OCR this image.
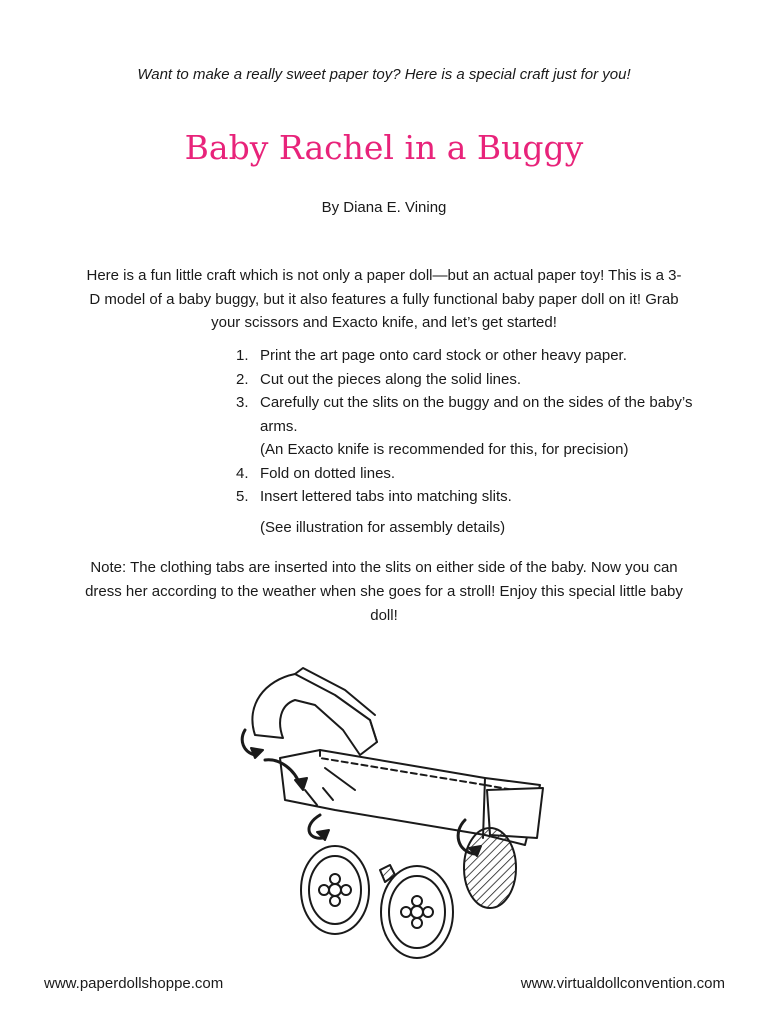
Want to make a really sweet paper toy? Here is a special craft just for you!
Baby Rachel in a Buggy
By Diana E. Vining
Here is a fun little craft which is not only a paper doll—but an actual paper toy! This is a 3-D model of a baby buggy, but it also features a fully functional baby paper doll on it! Grab your scissors and Exacto knife, and let’s get started!
1. Print the art page onto card stock or other heavy paper.
2. Cut out the pieces along the solid lines.
3. Carefully cut the slits on the buggy and on the sides of the baby’s arms.
(An Exacto knife is recommended for this, for precision)
4. Fold on dotted lines.
5. Insert lettered tabs into matching slits.
(See illustration for assembly details)
Note: The clothing tabs are inserted into the slits on either side of the baby. Now you can dress her according to the weather when she goes for a stroll! Enjoy this special little baby doll!
www.paperdollshoppe.com	www.virtualdollconvention.com
